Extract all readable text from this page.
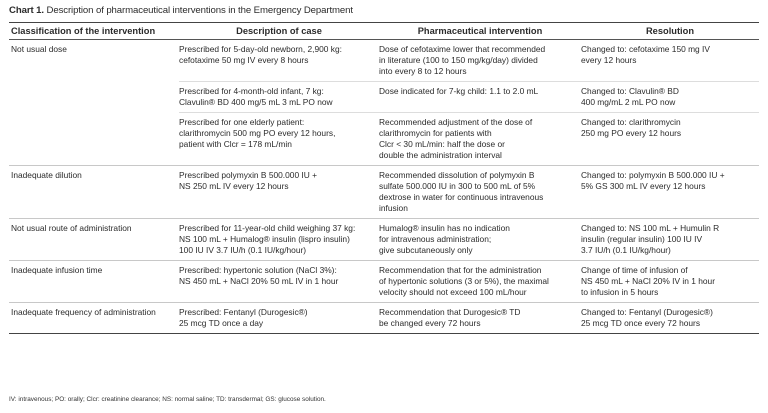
Chart 1. Description of pharmaceutical interventions in the Emergency Department
Classification of the intervention	Description of case	Pharmaceutical intervention	Resolution
Not usual dose	Prescribed for 5-day-old newborn, 2,900 kg:
cefotaxime 50 mg IV every 8 hours	Dose of cefotaxime lower that recommended
in literature (100 to 150 mg/kg/day) divided
into every 8 to 12 hours	Changed to: cefotaxime 150 mg IV
every 12 hours

	Prescribed for 4-month-old infant, 7 kg:
Clavulin® BD 400 mg/5 mL 3 mL PO now	Dose indicated for 7-kg child: 1.1 to 2.0 mL	Changed to: Clavulin® BD
400 mg/mL 2 mL PO now

	Prescribed for one elderly patient:
clarithromycin 500 mg PO every 12 hours,
patient with Clcr = 178 mL/min	Recommended adjustment of the dose of
clarithromycin for patients with
Clcr < 30 mL/min: half the dose or
double the administration interval	Changed to: clarithromycin
250 mg PO every 12 hours

Inadequate dilution	Prescribed polymyxin B 500.000 IU +
NS 250 mL IV every 12 hours	Recommended dissolution of polymyxin B
sulfate 500.000 IU in 300 to 500 mL of 5%
dextrose in water for continuous intravenous
infusion	Changed to: polymyxin B 500.000 IU +
5% GS 300 mL IV every 12 hours

Not usual route of administration	Prescribed for 11-year-old child weighing 37 kg:
NS 100 mL + Humalog® insulin (lispro insulin)
100 IU IV 3.7 IU/h (0.1 IU/kg/hour)	Humalog® insulin has no indication
for intravenous administration;
give subcutaneously only	Changed to: NS 100 mL + Humulin R
insulin (regular insulin) 100 IU IV
3.7 IU/h (0.1 IU/kg/hour)

Inadequate infusion time	Prescribed: hypertonic solution (NaCl 3%):
NS 450 mL + NaCl 20% 50 mL IV in 1 hour	Recommendation that for the administration
of hypertonic solutions (3 or 5%), the maximal
velocity should not exceed 100 mL/hour	Change of time of infusion of
NS 450 mL + NaCl 20% IV in 1 hour
to infusion in 5 hours

Inadequate frequency of administration	Prescribed: Fentanyl (Durogesic®)
25 mcg TD once a day	Recommendation that Durogesic® TD
be changed every 72 hours	Changed to: Fentanyl (Durogesic®)
25 mcg TD once every 72 hours
IV: intravenous; PO: orally; Clcr: creatinine clearance; NS: normal saline; TD: transdermal; GS: glucose solution.
